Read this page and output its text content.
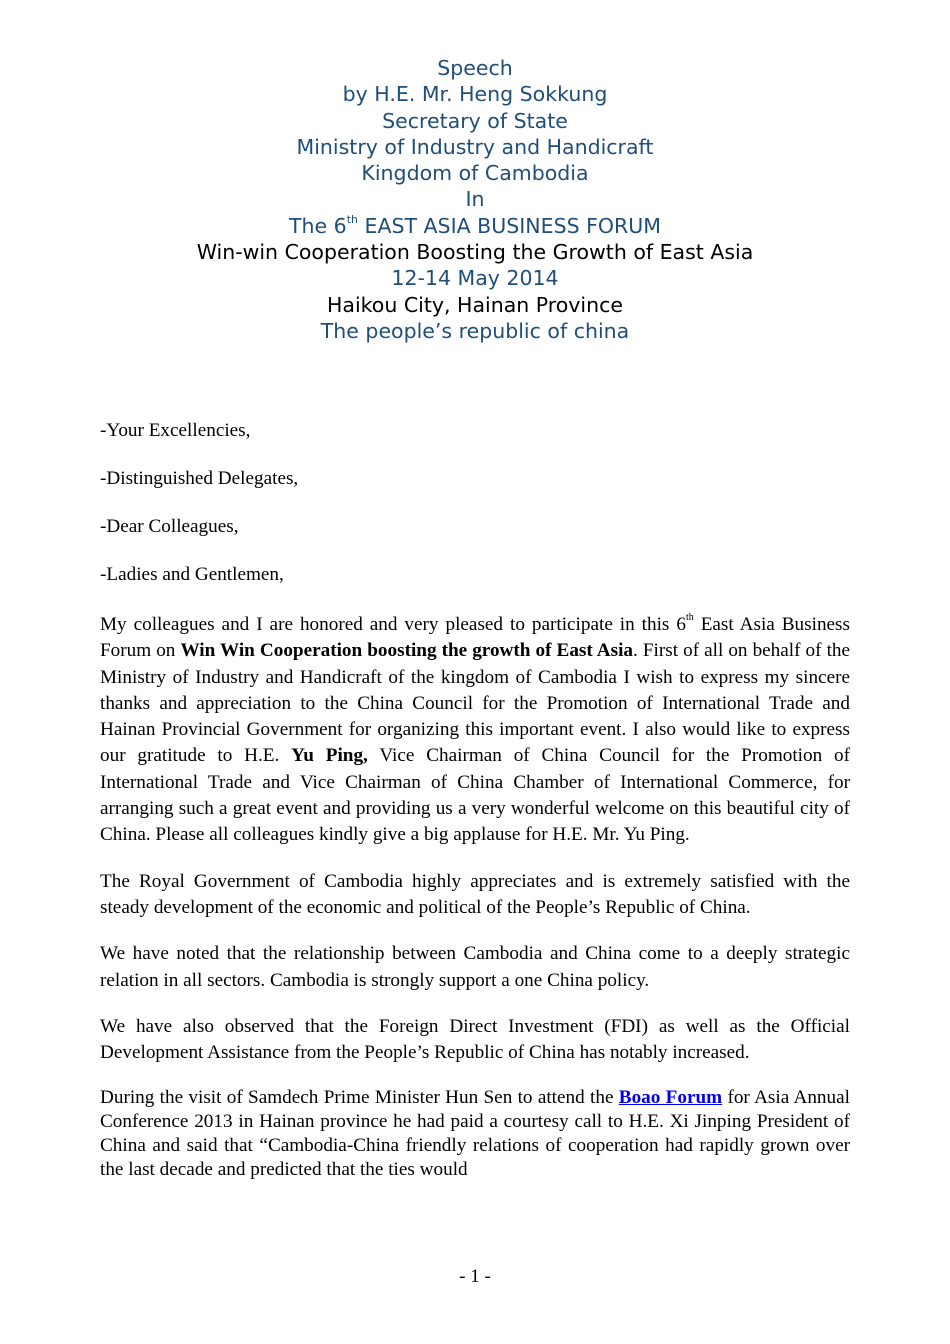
Speech
by H.E. Mr. Heng Sokkung
Secretary of State
Ministry of Industry and Handicraft
Kingdom of Cambodia
In
The 6th EAST ASIA BUSINESS FORUM
Win-win Cooperation Boosting the Growth of East Asia
12-14 May 2014
Haikou City, Hainan Province
The people’s republic of china
-Your Excellencies,
-Distinguished Delegates,
-Dear Colleagues,
-Ladies and Gentlemen,

My colleagues and I are honored and very pleased to participate in this 6th East Asia Business Forum on Win Win Cooperation boosting the growth of East Asia. First of all on behalf of the Ministry of Industry and Handicraft of the kingdom of Cambodia I wish to express my sincere thanks and appreciation to the China Council for the Promotion of International Trade and Hainan Provincial Government for organizing this important event. I also would like to express our gratitude to H.E. Yu Ping, Vice Chairman of China Council for the Promotion of International Trade and Vice Chairman of China Chamber of International Commerce, for arranging such a great event and providing us a very wonderful welcome on this beautiful city of China. Please all colleagues kindly give a big applause for H.E. Mr. Yu Ping.

The Royal Government of Cambodia highly appreciates and is extremely satisfied with the steady development of the economic and political of the People’s Republic of China.

We have noted that the relationship between Cambodia and China come to a deeply strategic relation in all sectors. Cambodia is strongly support a one China policy.

We have also observed that the Foreign Direct Investment (FDI) as well as the Official Development Assistance from the People’s Republic of China has notably increased.

During the visit of Samdech Prime Minister Hun Sen to attend the Boao Forum for Asia Annual Conference 2013 in Hainan province he had paid a courtesy call to H.E. Xi Jinping President of China and said that “Cambodia-China friendly relations of cooperation had rapidly grown over the last decade and predicted that the ties would

- 1 -
